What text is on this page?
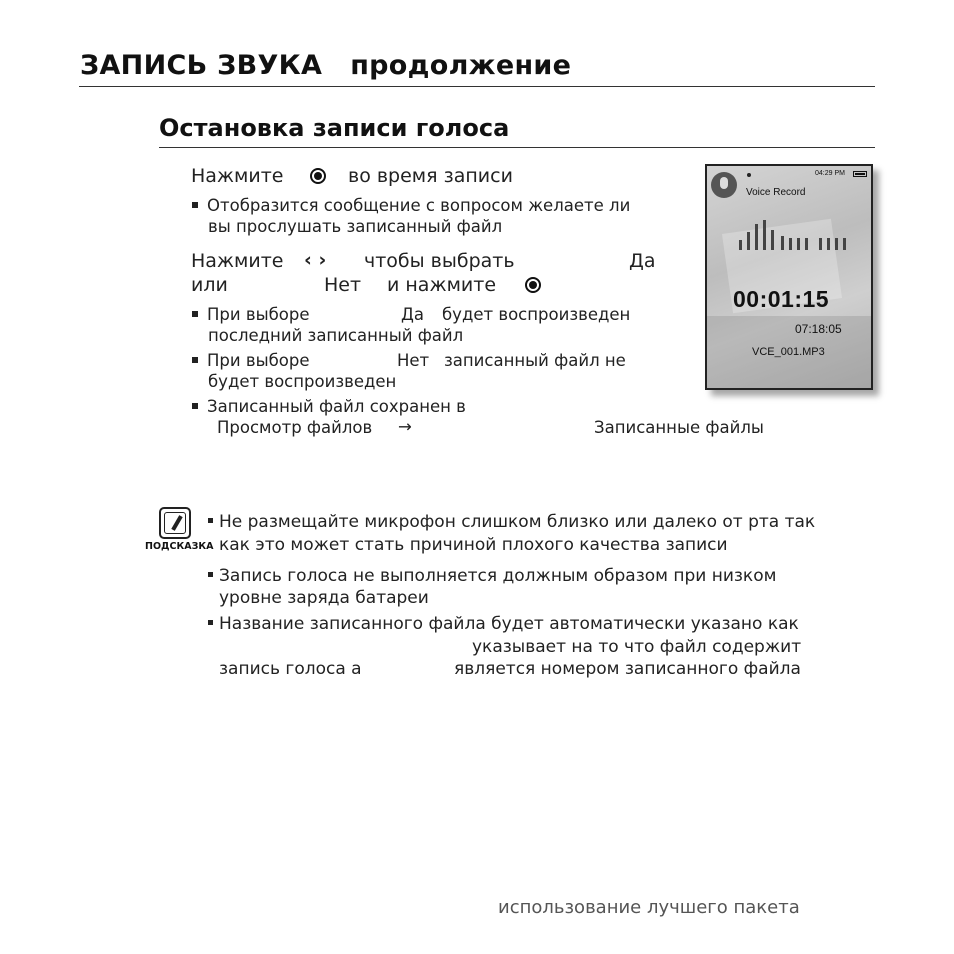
ЗАПИСЬ ЗВУКА продолжение
Остановка записи голоса
Нажмите	во время записи
Отобразится сообщение с вопросом желаете ли
вы прослушать записанный файл
Нажмите ‹ › чтобы выбрать	Да
или	Нет и нажмите
При выборе	Да будет воспроизведен
последний записанный файл
При выборе	Нет записанный файл не
будет воспроизведен
Записанный файл сохранен в
Просмотр файлов →	Записанные файлы
04:29 PM
Voice Record
00:01:15
07:18:05
VCE_001.MP3
ПОДСКАЗКА
Не размещайте микрофон слишком близко или далеко от рта так
как это может стать причиной плохого качества записи
Запись голоса не выполняется должным образом при низком
уровне заряда батареи
Название записанного файла будет автоматически указано как
указывает на то что файл содержит
запись голоса а	является номером записанного файла
использование лучшего пакета
